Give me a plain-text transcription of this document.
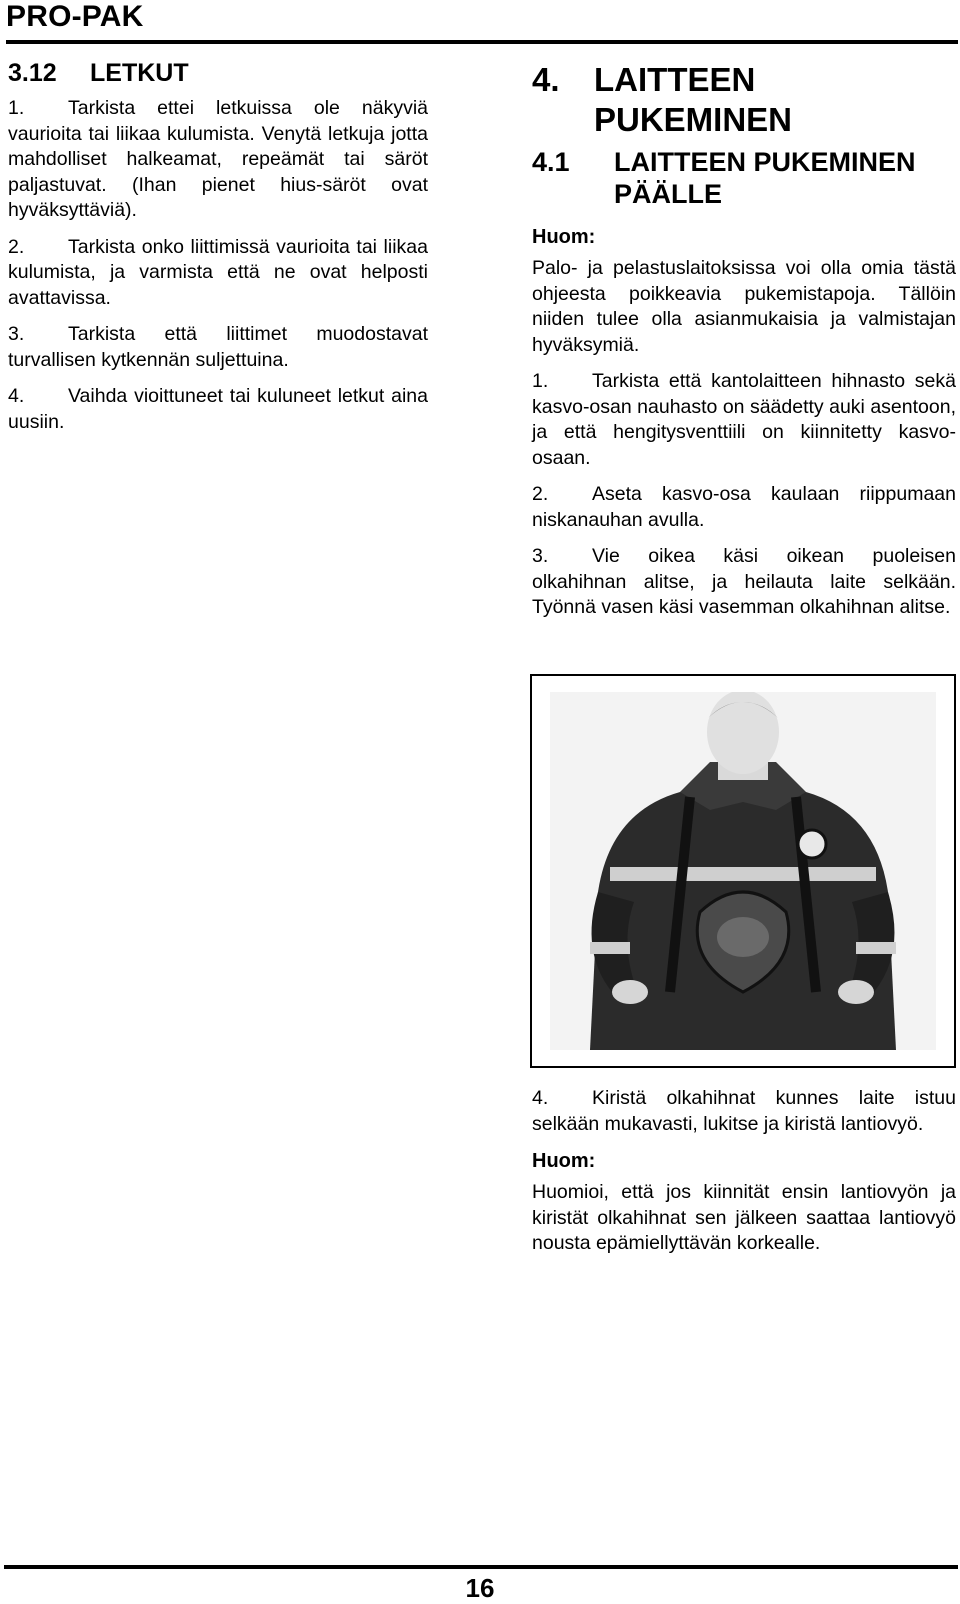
PRO-PAK
3.12	LETKUT

1. Tarkista ettei letkuissa ole näkyviä vaurioita tai liikaa kulumista. Venytä letkuja jotta mahdolliset halkeamat, repeämät tai säröt paljastuvat. (Ihan pienet hius-säröt ovat hyväksyttäviä).

2. Tarkista onko liittimissä vaurioita tai liikaa kulumista, ja varmista että ne ovat helposti avattavissa.

3. Tarkista että liittimet muodostavat turvallisen kytkennän suljettuina.

4. Vaihda vioittuneet tai kuluneet letkut aina uusiin.

4.	LAITTEEN PUKEMINEN
4.1	LAITTEEN PUKEMINEN PÄÄLLE
Huom:

Palo- ja pelastuslaitoksissa voi olla omia tästä ohjeesta poikkeavia pukemistapoja. Tällöin niiden tulee olla asianmukaisia ja valmistajan hyväksymiä.

1. Tarkista että kantolaitteen hihnasto sekä kasvo-osan nauhasto on säädetty auki asentoon, ja että hengitysventtiili on kiinnitetty kasvo-osaan.

2. Aseta kasvo-osa kaulaan riippumaan niskanauhan avulla.

3. Vie oikea käsi oikean puoleisen olkahihnan alitse, ja heilauta laite selkään. Työnnä vasen käsi vasemman olkahihnan alitse.

4. Kiristä olkahihnat kunnes laite istuu selkään mukavasti, lukitse ja kiristä lantiovyö.

Huom:

Huomioi, että jos kiinnität ensin lantiovyön ja kiristät olkahihnat sen jälkeen saattaa lantiovyö nousta epämiellyttävän korkealle.

16
